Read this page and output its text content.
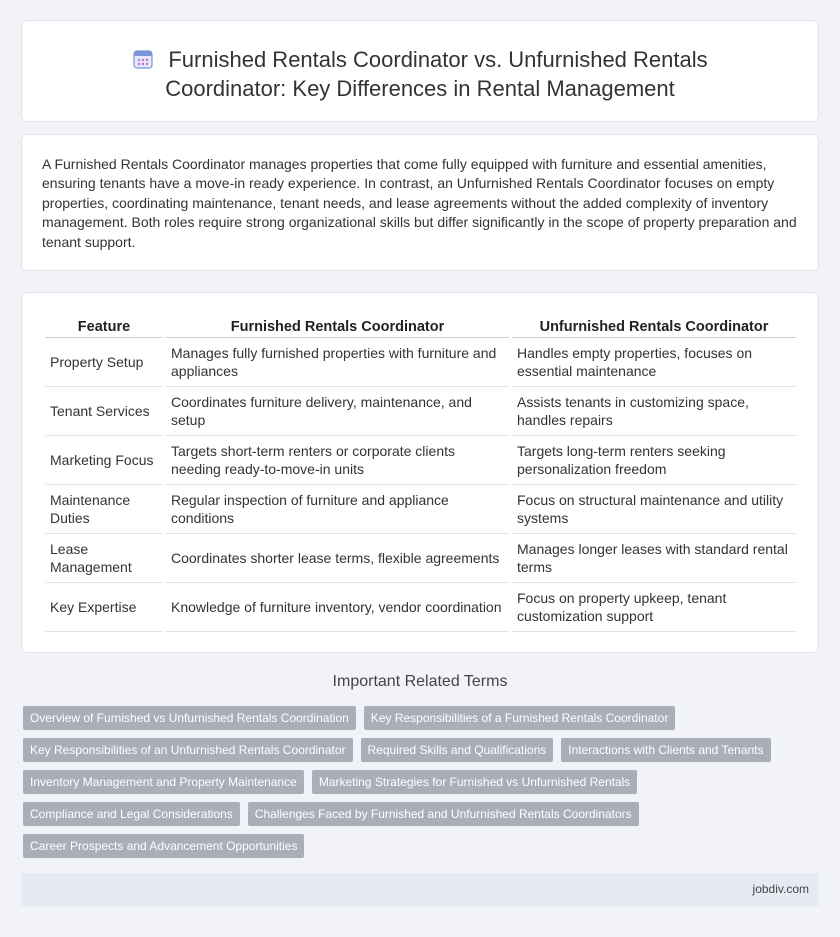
Furnished Rentals Coordinator vs. Unfurnished Rentals
Coordinator: Key Differences in Rental Management

A Furnished Rentals Coordinator manages properties that come fully equipped with furniture and essential amenities, ensuring tenants have a move-in ready experience. In contrast, an Unfurnished Rentals Coordinator focuses on empty properties, coordinating maintenance, tenant needs, and lease agreements without the added complexity of inventory management. Both roles require strong organizational skills but differ significantly in the scope of property preparation and tenant support.

Feature	Furnished Rentals Coordinator	Unfurnished Rentals Coordinator
Property Setup	Manages fully furnished properties with furniture and appliances	Handles empty properties, focuses on essential maintenance
Tenant Services	Coordinates furniture delivery, maintenance, and setup	Assists tenants in customizing space, handles repairs
Marketing Focus	Targets short-term renters or corporate clients needing ready-to-move-in units	Targets long-term renters seeking personalization freedom
Maintenance Duties	Regular inspection of furniture and appliance conditions	Focus on structural maintenance and utility systems
Lease Management	Coordinates shorter lease terms, flexible agreements	Manages longer leases with standard rental terms
Key Expertise	Knowledge of furniture inventory, vendor coordination	Focus on property upkeep, tenant customization support
Important Related Terms
Overview of Furnished vs Unfurnished Rentals Coordination	Key Responsibilities of a Furnished Rentals Coordinator
Key Responsibilities of an Unfurnished Rentals Coordinator	Required Skills and Qualifications	Interactions with Clients and Tenants
Inventory Management and Property Maintenance	Marketing Strategies for Furnished vs Unfurnished Rentals
Compliance and Legal Considerations	Challenges Faced by Furnished and Unfurnished Rentals Coordinators
Career Prospects and Advancement Opportunities
jobdiv.com
